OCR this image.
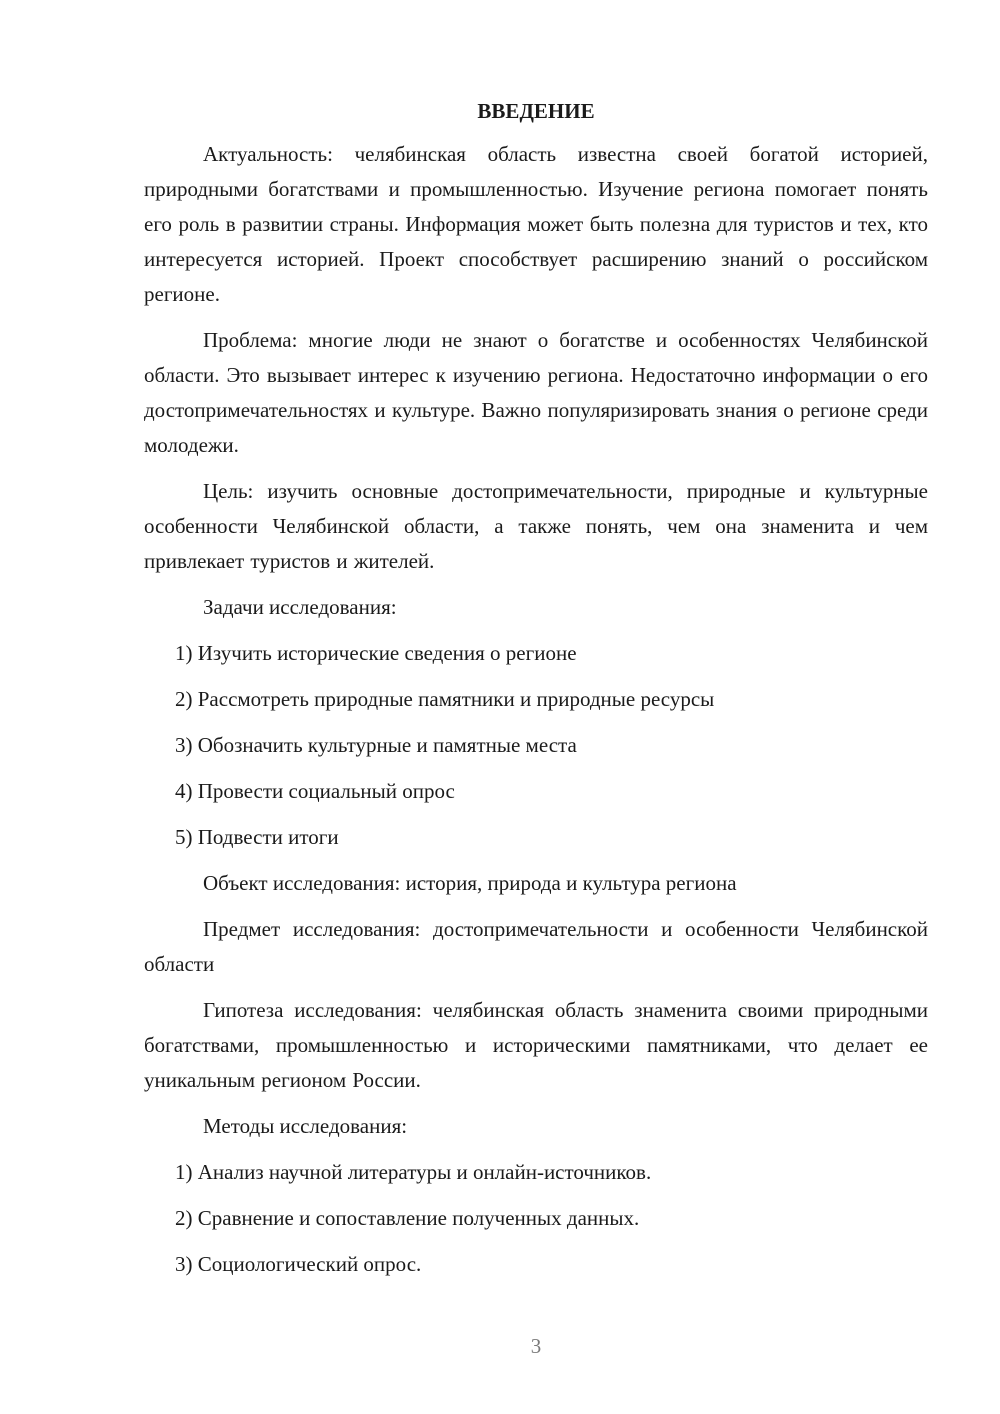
ВВЕДЕНИЕ
Актуальность: челябинская область известна своей богатой историей, природными богатствами и промышленностью. Изучение региона помогает понять его роль в развитии страны. Информация может быть полезна для туристов и тех, кто интересуется историей. Проект способствует расширению знаний о российском регионе.
Проблема: многие люди не знают о богатстве и особенностях Челябинской области. Это вызывает интерес к изучению региона. Недостаточно информации о его достопримечательностях и культуре. Важно популяризировать знания о регионе среди молодежи.
Цель: изучить основные достопримечательности, природные и культурные особенности Челябинской области, а также понять, чем она знаменита и чем привлекает туристов и жителей.
Задачи исследования:
1) Изучить исторические сведения о регионе
2) Рассмотреть природные памятники и природные ресурсы
3) Обозначить культурные и памятные места
4) Провести социальный опрос
5) Подвести итоги
Объект исследования: история, природа и культура региона
Предмет исследования: достопримечательности и особенности Челябинской области
Гипотеза исследования: челябинская область знаменита своими природными богатствами, промышленностью и историческими памятниками, что делает ее уникальным регионом России.
Методы исследования:
1) Анализ научной литературы и онлайн-источников.
2) Сравнение и сопоставление полученных данных.
3) Социологический опрос.
3
